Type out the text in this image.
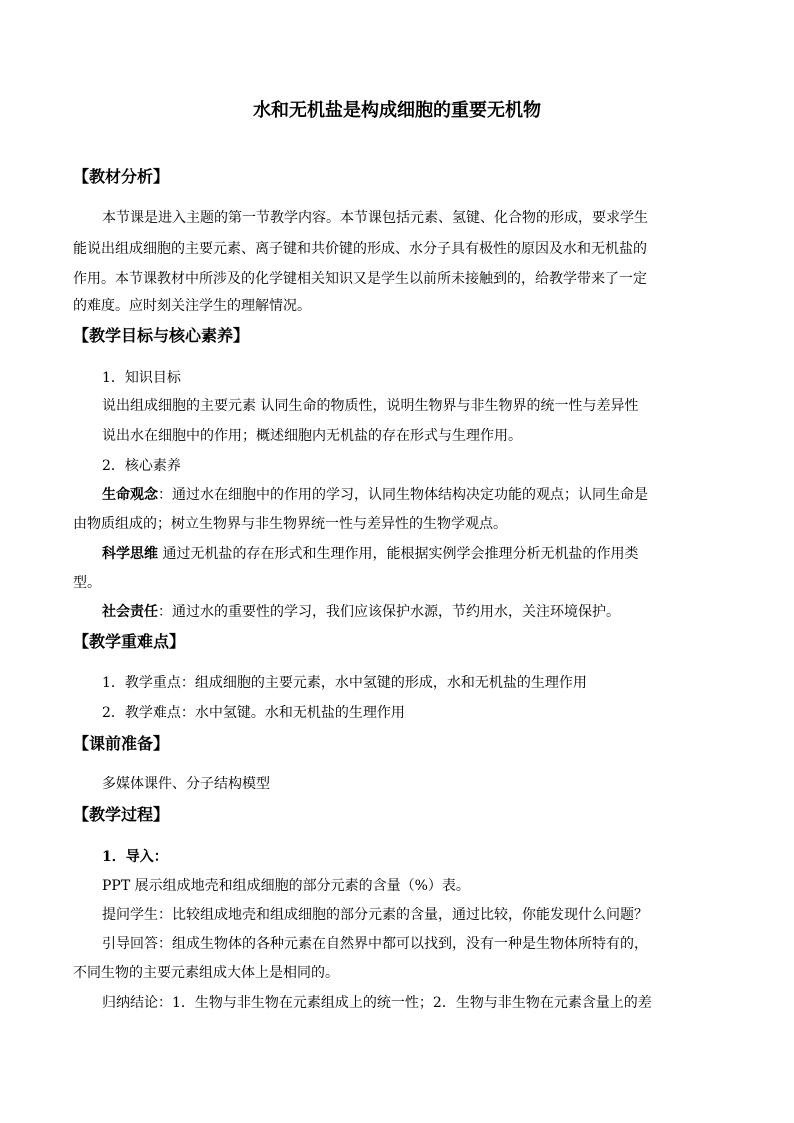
水和无机盐是构成细胞的重要无机物
【教材分析】
本节课是进入主题的第一节教学内容。本节课包括元素、氢键、化合物的形成，要求学生
能说出组成细胞的主要元素、离子键和共价键的形成、水分子具有极性的原因及水和无机盐的
作用。本节课教材中所涉及的化学键相关知识又是学生以前所未接触到的，给教学带来了一定
的难度。应时刻关注学生的理解情况。
【教学目标与核心素养】
1．知识目标
说出组成细胞的主要元素 认同生命的物质性，说明生物界与非生物界的统一性与差异性
说出水在细胞中的作用；概述细胞内无机盐的存在形式与生理作用。
2．核心素养
生命观念：通过水在细胞中的作用的学习，认同生物体结构决定功能的观点；认同生命是
由物质组成的；树立生物界与非生物界统一性与差异性的生物学观点。
科学思维 通过无机盐的存在形式和生理作用，能根据实例学会推理分析无机盐的作用类
型。
社会责任：通过水的重要性的学习，我们应该保护水源，节约用水，关注环境保护。
【教学重难点】
1．教学重点：组成细胞的主要元素，水中氢键的形成，水和无机盐的生理作用
2．教学难点：水中氢键。水和无机盐的生理作用
【课前准备】
多媒体课件、分子结构模型
【教学过程】
1．导入：
PPT 展示组成地壳和组成细胞的部分元素的含量（%）表。
提问学生：比较组成地壳和组成细胞的部分元素的含量，通过比较，你能发现什么问题？
引导回答：组成生物体的各种元素在自然界中都可以找到，没有一种是生物体所特有的，
不同生物的主要元素组成大体上是相同的。
归纳结论：1．生物与非生物在元素组成上的统一性；2．生物与非生物在元素含量上的差
